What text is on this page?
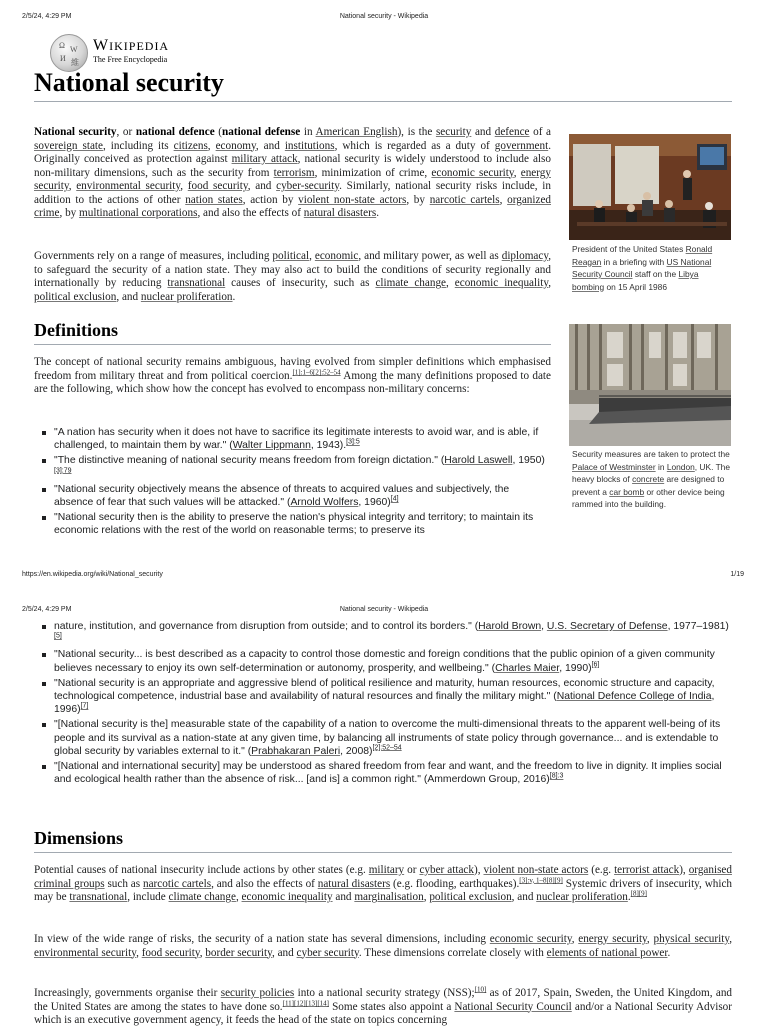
2/5/24, 4:29 PM	National security - Wikipedia
Ω W
И 維
WIKIPEDIA
The Free Encyclopedia
National security

National security, or national defence (national defense in American English), is the security and defence of a sovereign state, including its citizens, economy, and institutions, which is regarded as a duty of government. Originally conceived as protection against military attack, national security is widely understood to include also non-military dimensions, such as the security from terrorism, minimization of crime, economic security, energy security, environmental security, food security, and cyber-security. Similarly, national security risks include, in addition to the actions of other nation states, action by violent non-state actors, by narcotic cartels, organized crime, by multinational corporations, and also the effects of natural disasters.

Governments rely on a range of measures, including political, economic, and military power, as well as diplomacy, to safeguard the security of a nation state. They may also act to build the conditions of security regionally and internationally by reducing transnational causes of insecurity, such as climate change, economic inequality, political exclusion, and nuclear proliferation.

President of the United States Ronald Reagan in a briefing with US National Security Council staff on the Libya bombing on 15 April 1986
Definitions

The concept of national security remains ambiguous, having evolved from simpler definitions which emphasised freedom from military threat and from political coercion.$^{[1]:1-6[2]:52-54}$ Among the many definitions proposed to date are the following, which show how the concept has evolved to encompass non-military concerns:

"A nation has security when it does not have to sacrifice its legitimate interests to avoid war, and is able, if challenged, to maintain them by war." (Walter Lippmann, 1943).$^{[3]:5}$
"The distinctive meaning of national security means freedom from foreign dictation." (Harold Laswell, 1950)$^{[3]:79}$
"National security objectively means the absence of threats to acquired values and subjectively, the absence of fear that such values will be attacked." (Arnold Wolfers, 1960)[4]
"National security then is the ability to preserve the nation's physical integrity and territory; to maintain its economic relations with the rest of the world on reasonable terms; to preserve its
Security measures are taken to protect the Palace of Westminster in London, UK. The heavy blocks of concrete are designed to prevent a car bomb or other device being rammed into the building.
https://en.wikipedia.org/wiki/National_security	1/19
2/5/24, 4:29 PM	National security - Wikipedia
nature, institution, and governance from disruption from outside; and to control its borders." (Harold Brown, U.S. Secretary of Defense, 1977–1981)[5]
"National security... is best described as a capacity to control those domestic and foreign conditions that the public opinion of a given community believes necessary to enjoy its own self-determination or autonomy, prosperity, and wellbeing." (Charles Maier, 1990)[6]
"National security is an appropriate and aggressive blend of political resilience and maturity, human resources, economic structure and capacity, technological competence, industrial base and availability of natural resources and finally the military might." (National Defence College of India, 1996)[7]
"[National security is the] measurable state of the capability of a nation to overcome the multi-dimensional threats to the apparent well-being of its people and its survival as a nation-state at any given time, by balancing all instruments of state policy through governance... and is extendable to global security by variables external to it." (Prabhakaran Paleri, 2008)$^{[2]:52-54}$
"[National and international security] may be understood as shared freedom from fear and want, and the freedom to live in dignity. It implies social and ecological health rather than the absence of risk... [and is] a common right." (Ammerdown Group, 2016)$^{[8]:3}$
Dimensions

Potential causes of national insecurity include actions by other states (e.g. military or cyber attack), violent non-state actors (e.g. terrorist attack), organised criminal groups such as narcotic cartels, and also the effects of natural disasters (e.g. flooding, earthquakes).[3]:v, 1–8[8][9] Systemic drivers of insecurity, which may be transnational, include climate change, economic inequality and marginalisation, political exclusion, and nuclear proliferation.[8][9]

In view of the wide range of risks, the security of a nation state has several dimensions, including economic security, energy security, physical security, environmental security, food security, border security, and cyber security. These dimensions correlate closely with elements of national power.

Increasingly, governments organise their security policies into a national security strategy (NSS);[10] as of 2017, Spain, Sweden, the United Kingdom, and the United States are among the states to have done so.[11][12][13][14] Some states also appoint a National Security Council and/or a National Security Advisor which is an executive government agency, it feeds the head of the state on topics concerning
